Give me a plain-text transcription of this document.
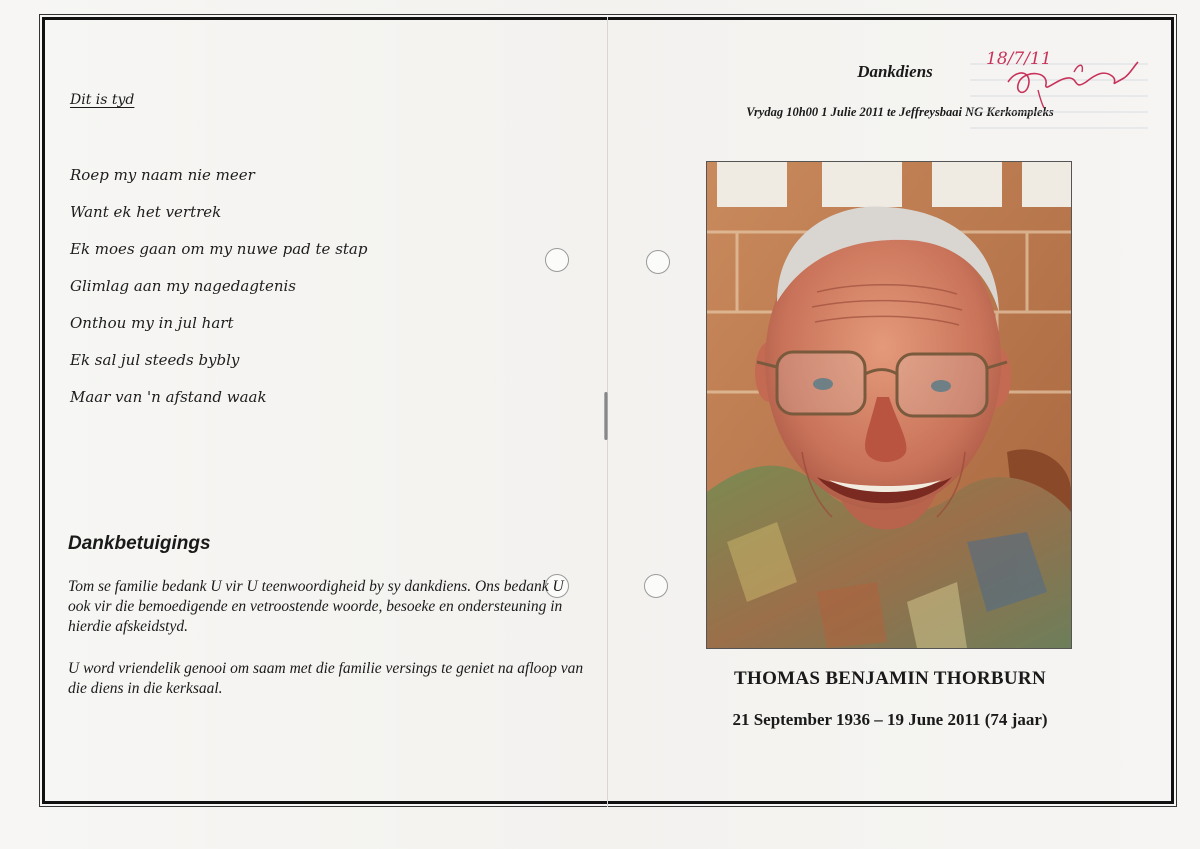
Dit is tyd
Roep my naam nie meer
Want ek het vertrek
Ek moes gaan om my nuwe pad te stap
Glimlag aan my nagedagtenis
Onthou my in jul hart
Ek sal jul steeds bybly
Maar van 'n afstand waak
Dankbetuigings
Tom se familie bedank U vir U teenwoordigheid by sy dankdiens. Ons bedank U ook vir die bemoedigende en vetroostende woorde, besoeke en ondersteuning in hierdie afskeidstyd.
U word vriendelik genooi om saam met die familie versings te geniet na afloop van die diens in die kerksaal.
Dankdiens
Vrydag 10h00 1 Julie 2011 te Jeffreysbaai NG Kerkompleks
18/7/11
THOMAS BENJAMIN THORBURN
21 September 1936 – 19 June 2011 (74 jaar)
